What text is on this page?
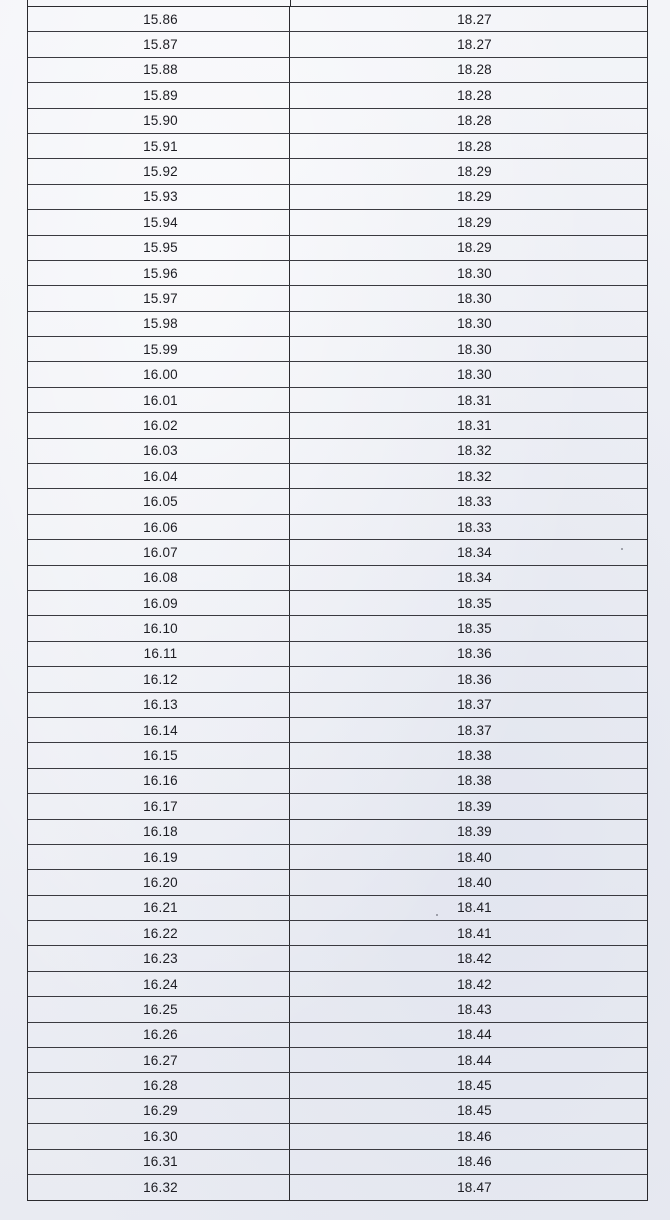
15.86	18.27
15.87	18.27
15.88	18.28
15.89	18.28
15.90	18.28
15.91	18.28
15.92	18.29
15.93	18.29
15.94	18.29
15.95	18.29
15.96	18.30
15.97	18.30
15.98	18.30
15.99	18.30
16.00	18.30
16.01	18.31
16.02	18.31
16.03	18.32
16.04	18.32
16.05	18.33
16.06	18.33
16.07	18.34
16.08	18.34
16.09	18.35
16.10	18.35
16.11	18.36
16.12	18.36
16.13	18.37
16.14	18.37
16.15	18.38
16.16	18.38
16.17	18.39
16.18	18.39
16.19	18.40
16.20	18.40
16.21	18.41
16.22	18.41
16.23	18.42
16.24	18.42
16.25	18.43
16.26	18.44
16.27	18.44
16.28	18.45
16.29	18.45
16.30	18.46
16.31	18.46
16.32	18.47
